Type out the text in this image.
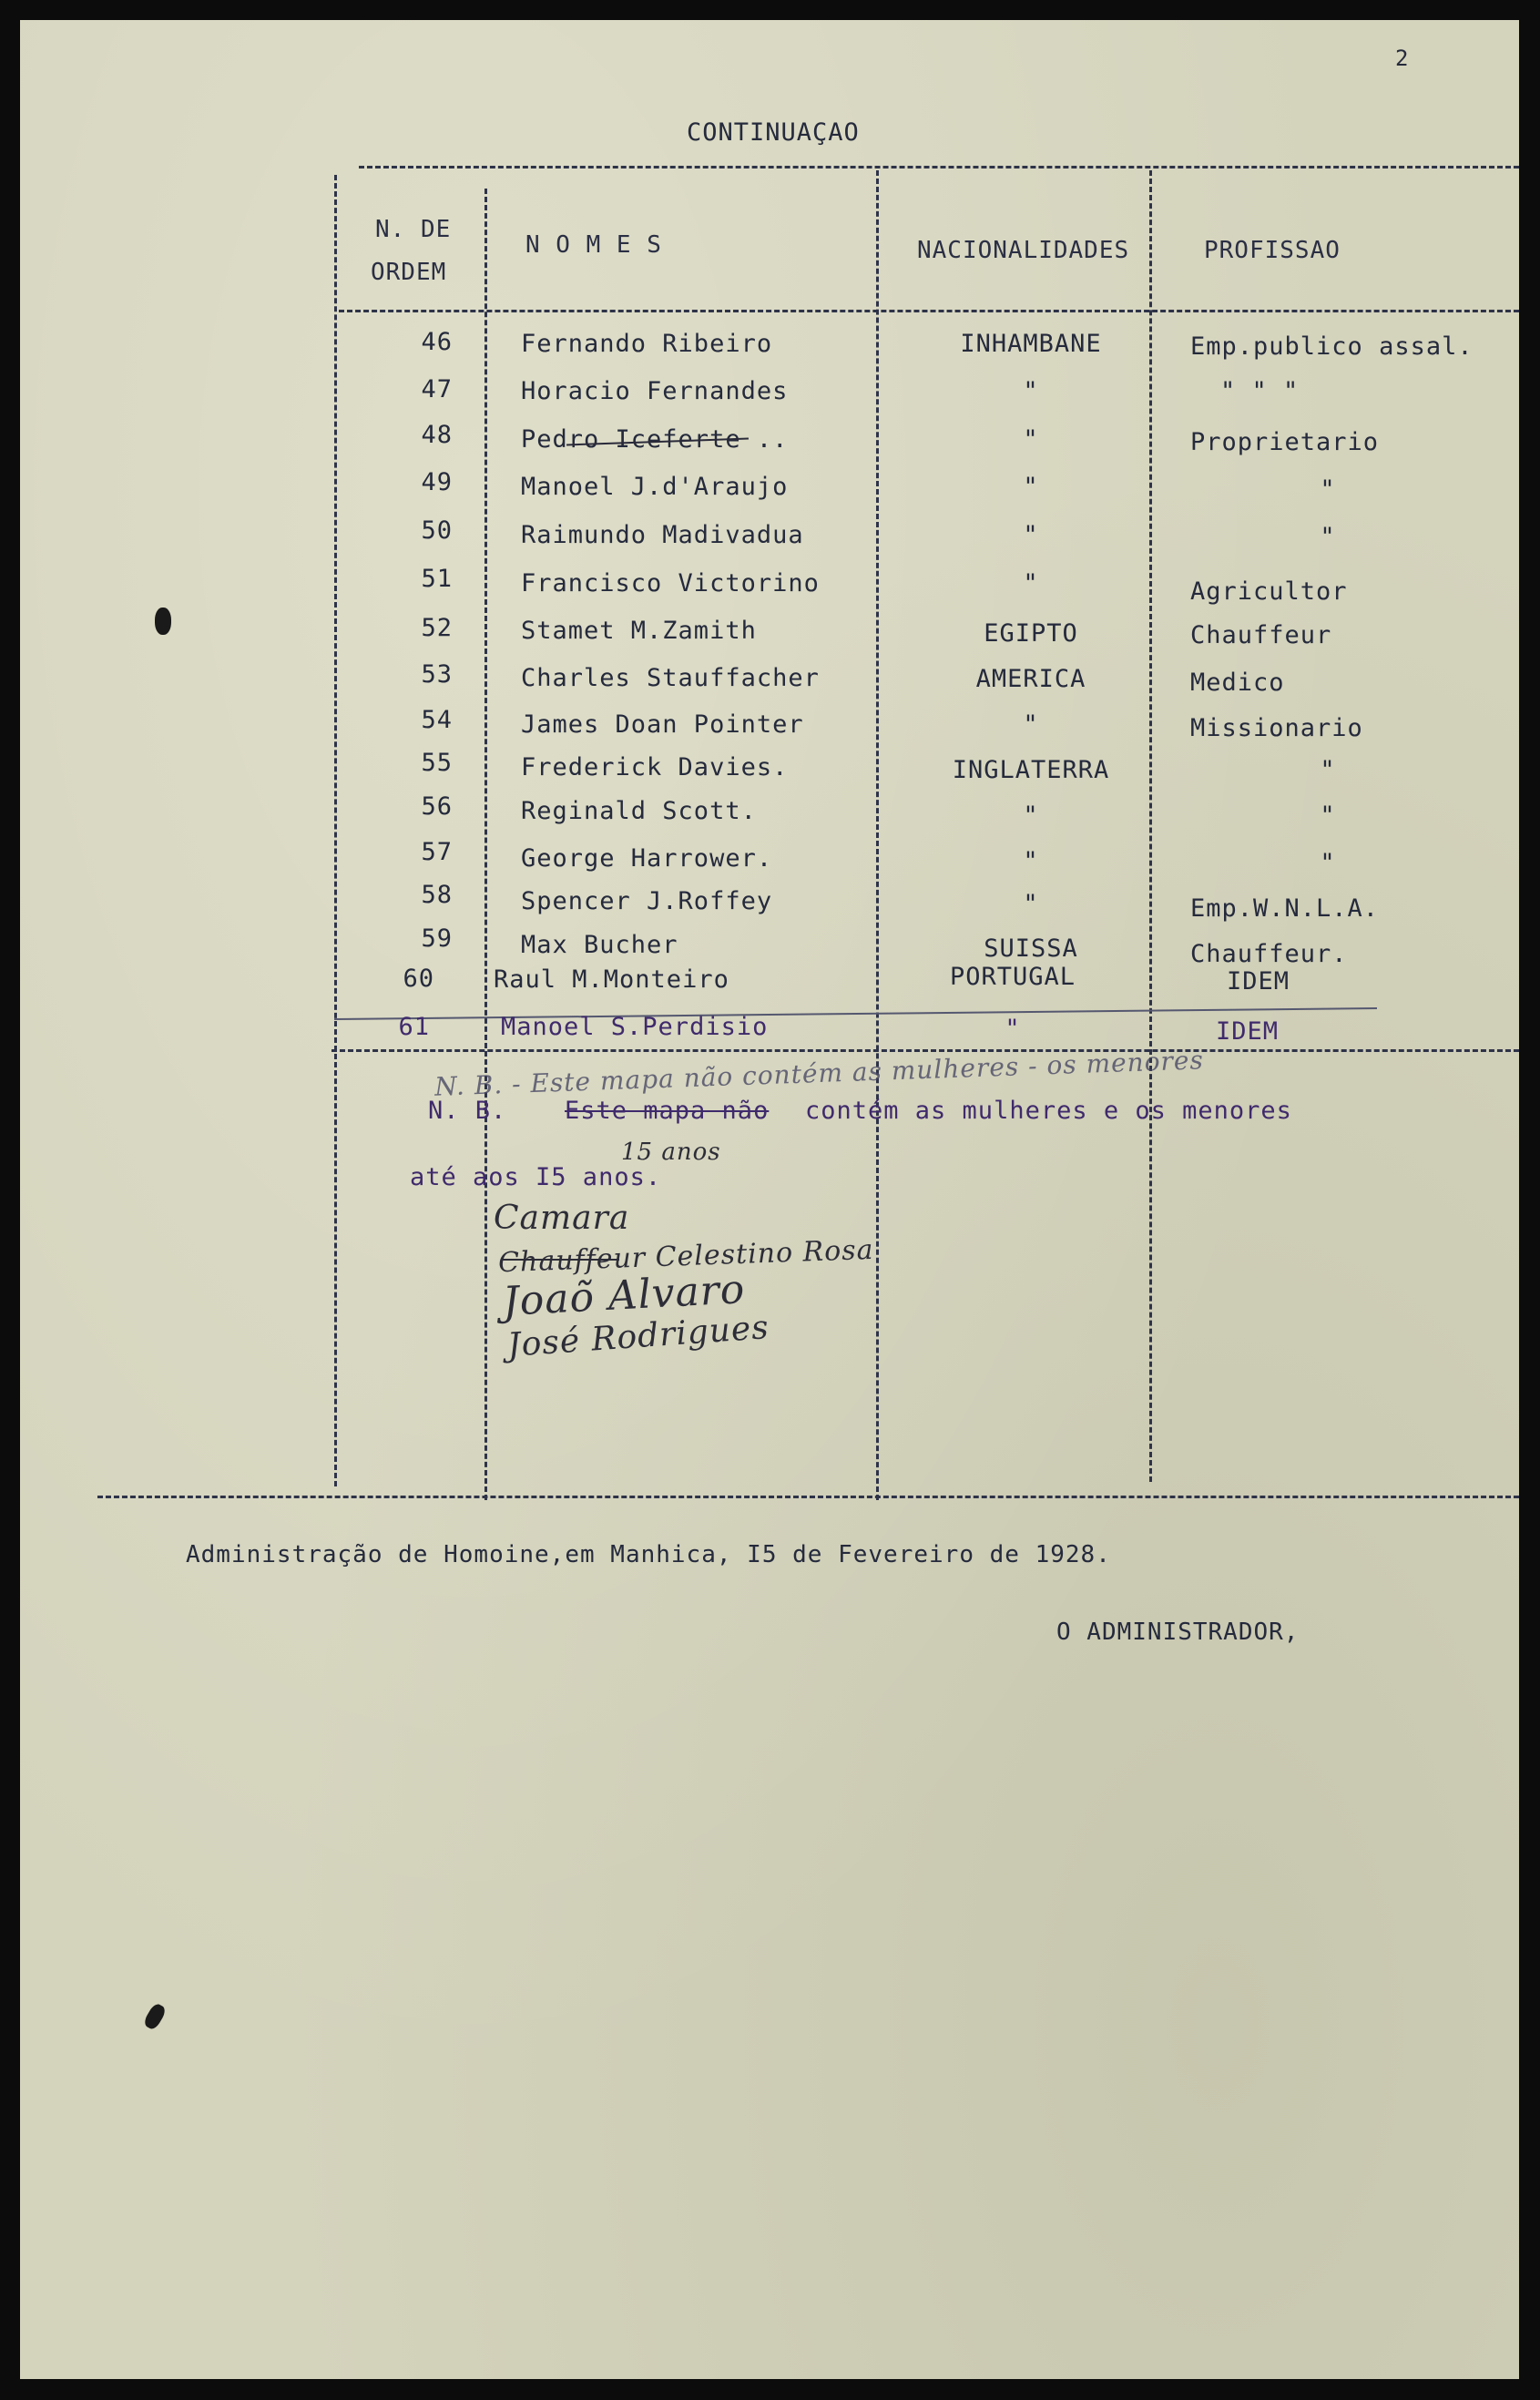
2
CONTINUAÇAO
N. DE
ORDEM
N O M E S	NACIONALIDADES	PROFISSAO
46	Fernando Ribeiro	INHAMBANE	Emp.publico assal.
47	Horacio Fernandes	"	" " "
48	Pedro Iceferte ..	"	Proprietario
49	Manoel J.d'Araujo	"	"
50	Raimundo Madivadua	"	"
51	Francisco Victorino	"	Agricultor
52	Stamet M.Zamith	EGIPTO	Chauffeur
53	Charles Stauffacher	AMERICA	Medico
54	James Doan Pointer	"	Missionario
55	Frederick Davies.	INGLATERRA	"
56	Reginald Scott.	"	"
57	George Harrower.	"	"
58	Spencer J.Roffey	"	Emp.W.N.L.A.
59	Max Bucher	SUISSA	Chauffeur.
60 Raul M.Monteiro	PORTUGAL	IDEM
61	Manoel S.Perdisio	"	IDEM
N. B. - Este mapa não contém as mulheres - os menores
N. B. Este mapa não contém as mulheres e os menores
até aos I5 anos.
15 anos
Camara
Chauffeur Celestino Rosa
Joaõ Alvaro
José Rodrigues
Administração de Homoine,em Manhica, I5 de Fevereiro de 1928.
O ADMINISTRADOR,
